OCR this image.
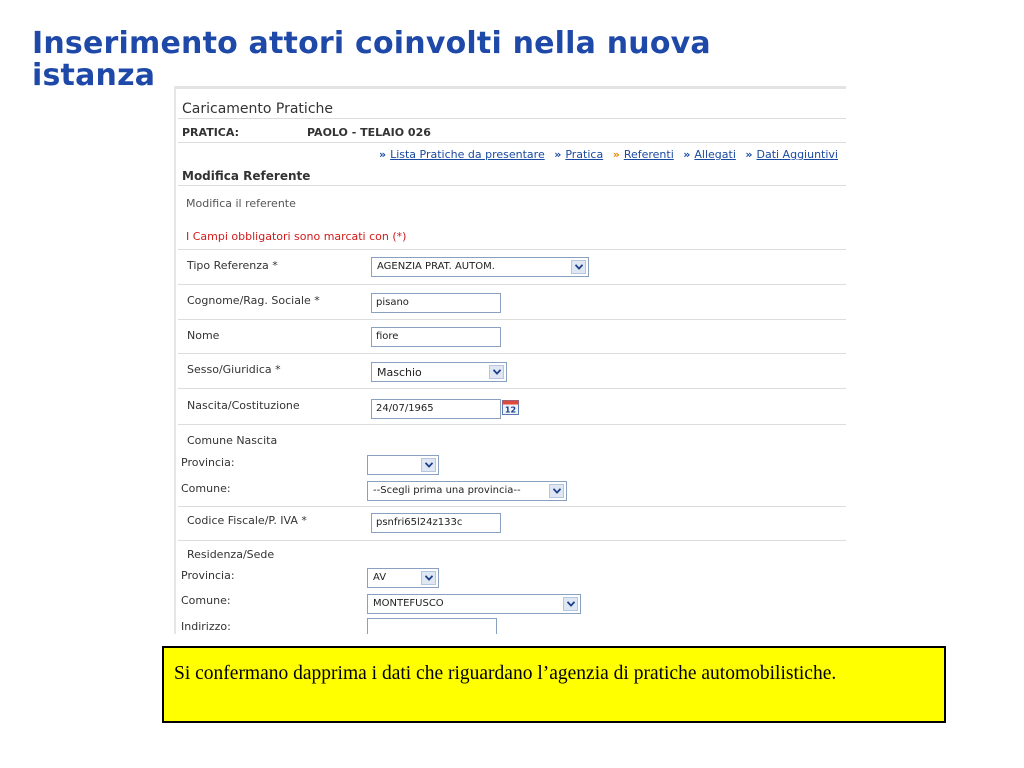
Inserimento attori coinvolti nella nuova istanza
Caricamento Pratiche
PRATICA:	PAOLO - TELAIO 026
» Lista Pratiche da presentare » Pratica » Referenti » Allegati » Dati Aggiuntivi
Modifica Referente
Modifica il referente
I Campi obbligatori sono marcati con (*)
Tipo Referenza *	AGENZIA PRAT. AUTOM.
Cognome/Rag. Sociale *	pisano
Nome	fiore
Sesso/Giuridica *	Maschio
Nascita/Costituzione	24/07/1965	12
Comune Nascita
Provincia:
Comune:	--Scegli prima una provincia--
Codice Fiscale/P. IVA *	psnfri65l24z133c
Residenza/Sede
Provincia:	AV
Comune:	MONTEFUSCO
Indirizzo:
Si confermano dapprima i dati che riguardano l’agenzia di pratiche automobilistiche.
